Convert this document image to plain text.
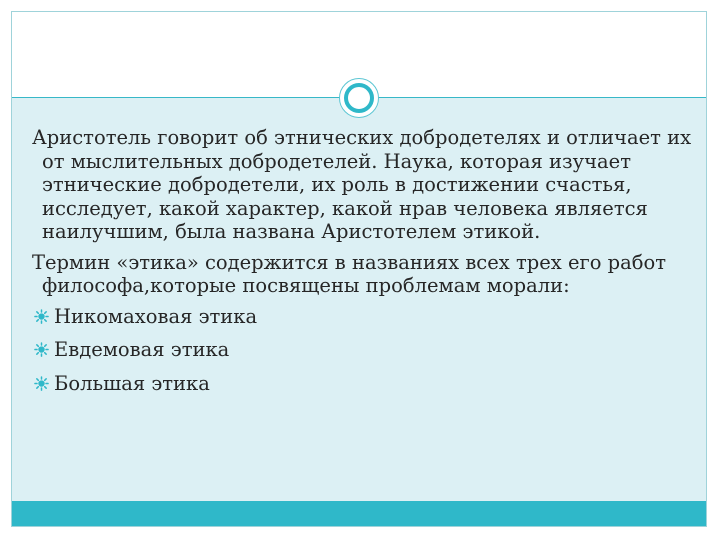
Аристотель говорит об этнических добродетелях и отличает их от мыслительных добродетелей. Наука, которая изучает этнические добродетели, их роль в достижении счастья, исследует, какой характер, какой нрав человека является наилучшим, была названа Аристотелем этикой.

Термин «этика» содержится в названиях всех трех его работ философа,которые посвящены проблемам морали:

Никомаховая этика
Евдемовая этика
Большая этика
